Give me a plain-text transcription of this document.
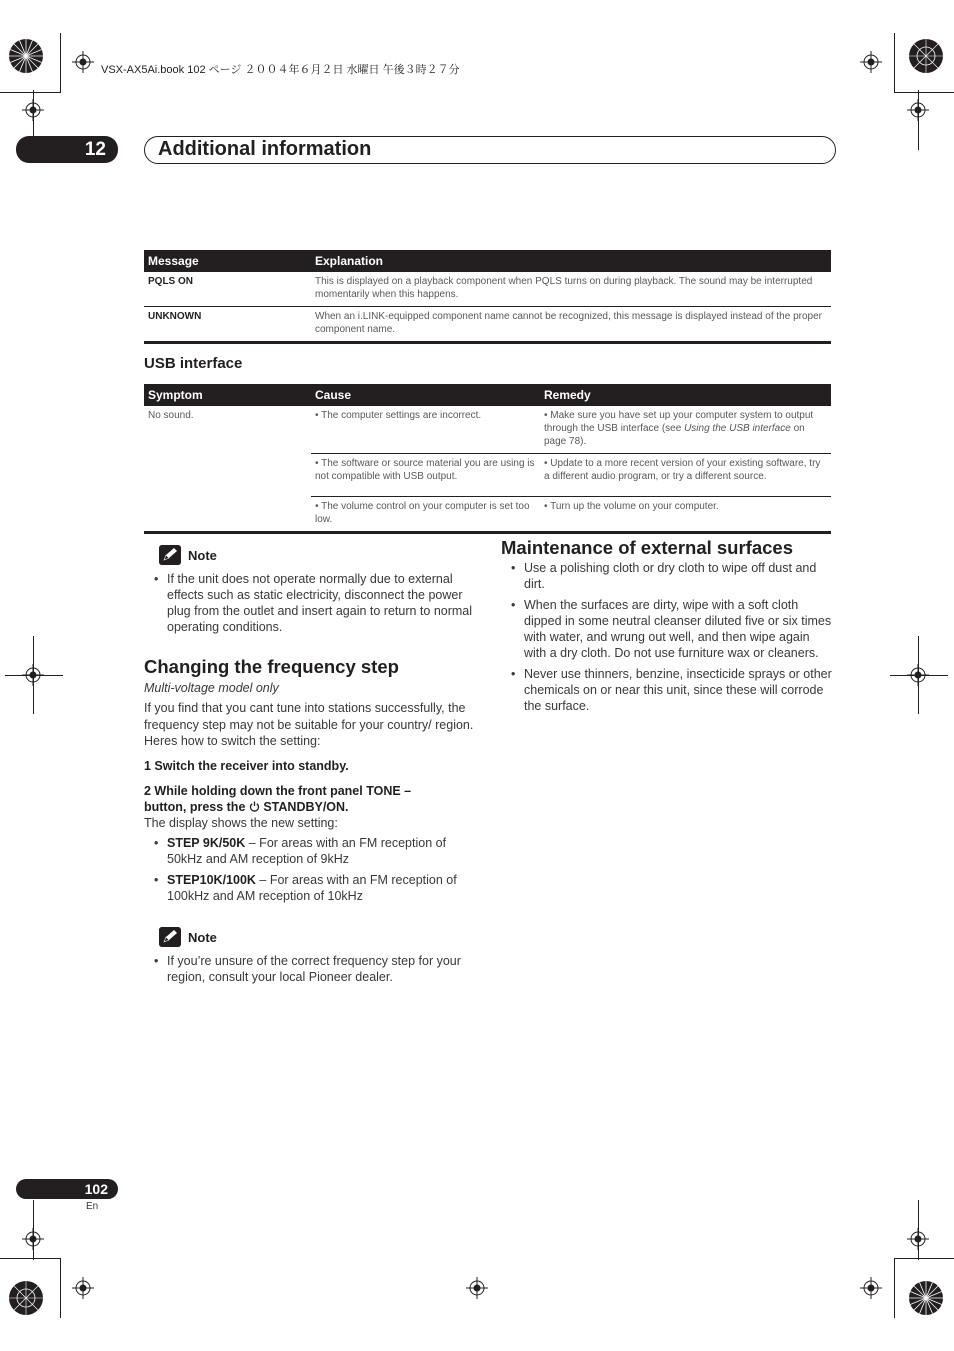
VSX-AX5Ai.book 102 ページ ２００４年６月２日 水曜日 午後３時２７分
12	Additional information
Message	Explanation
PQLS ON	This is displayed on a playback component when PQLS turns on during playback. The sound may be interrupted momentarily when this happens.
UNKNOWN	When an i.LINK-equipped component name cannot be recognized, this message is displayed instead of the proper component name.
USB interface
Symptom	Cause	Remedy
No sound.	• The computer settings are incorrect.	• Make sure you have set up your computer system to output through the USB interface (see Using the USB interface on page 78).
	• The software or source material you are using is not compatible with USB output.	• Update to a more recent version of your existing software, try a different audio program, or try a different source.
	• The volume control on your computer is set too low.	• Turn up the volume on your computer.
Note
• If the unit does not operate normally due to external effects such as static electricity, disconnect the power plug from the outlet and insert again to return to normal operating conditions.
Changing the frequency step
Multi-voltage model only
If you find that you cant tune into stations successfully, the frequency step may not be suitable for your country/ region. Heres how to switch the setting:
1 Switch the receiver into standby.
2 While holding down the front panel TONE –
button, press the  STANDBY/ON.
The display shows the new setting:
• STEP 9K/50K – For areas with an FM reception of 50kHz and AM reception of 9kHz
• STEP10K/100K – For areas with an FM reception of 100kHz and AM reception of 10kHz
Note
• If you’re unsure of the correct frequency step for your region, consult your local Pioneer dealer.
Maintenance of external surfaces
• Use a polishing cloth or dry cloth to wipe off dust and dirt.
• When the surfaces are dirty, wipe with a soft cloth dipped in some neutral cleanser diluted five or six times with water, and wrung out well, and then wipe again with a dry cloth. Do not use furniture wax or cleaners.
• Never use thinners, benzine, insecticide sprays or other chemicals on or near this unit, since these will corrode the surface.
102
En
